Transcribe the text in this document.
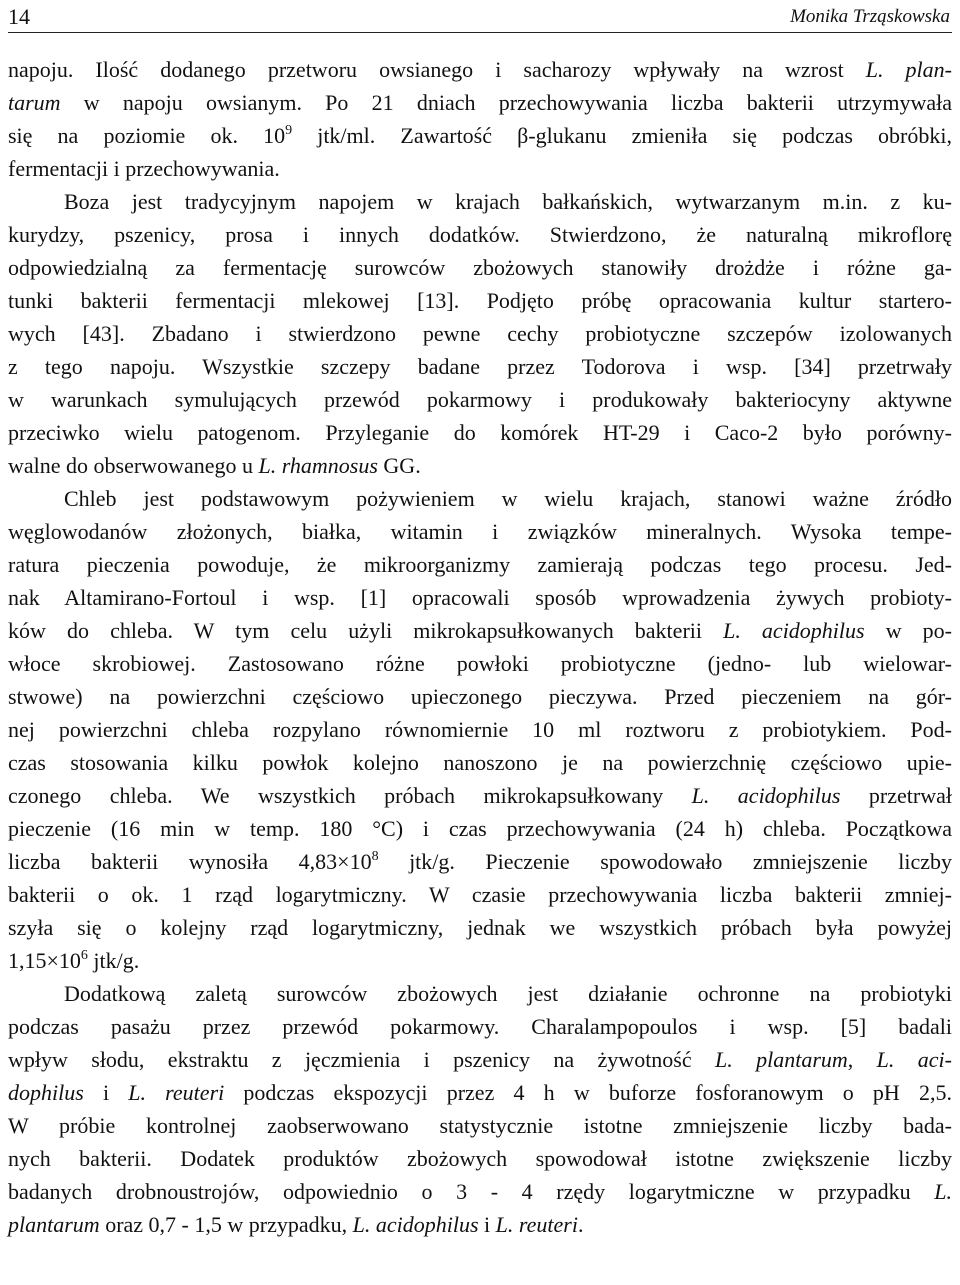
14	Monika Trząskowska
napoju. Ilość dodanego przetworu owsianego i sacharozy wpływały na wzrost L. plan-
tarum w napoju owsianym. Po 21 dniach przechowywania liczba bakterii utrzymywała
się na poziomie ok. $10^9$ jtk/ml. Zawartość β-glukanu zmieniła się podczas obróbki,
fermentacji i przechowywania.
Boza jest tradycyjnym napojem w krajach bałkańskich, wytwarzanym m.in. z ku-
kurydzy, pszenicy, prosa i innych dodatków. Stwierdzono, że naturalną mikroflorę
odpowiedzialną za fermentację surowców zbożowych stanowiły drożdże i różne ga-
tunki bakterii fermentacji mlekowej [13]. Podjęto próbę opracowania kultur startero-
wych [43]. Zbadano i stwierdzono pewne cechy probiotyczne szczepów izolowanych
z tego napoju. Wszystkie szczepy badane przez Todorova i wsp. [34] przetrwały
w warunkach symulujących przewód pokarmowy i produkowały bakteriocyny aktywne
przeciwko wielu patogenom. Przyleganie do komórek HT-29 i Caco-2 było porówny-
walne do obserwowanego u L. rhamnosus GG.
Chleb jest podstawowym pożywieniem w wielu krajach, stanowi ważne źródło
węglowodanów złożonych, białka, witamin i związków mineralnych. Wysoka tempe-
ratura pieczenia powoduje, że mikroorganizmy zamierają podczas tego procesu. Jed-
nak Altamirano-Fortoul i wsp. [1] opracowali sposób wprowadzenia żywych probioty-
ków do chleba. W tym celu użyli mikrokapsułkowanych bakterii L. acidophilus w po-
włoce skrobiowej. Zastosowano różne powłoki probiotyczne (jedno- lub wielowar-
stwowe) na powierzchni częściowo upieczonego pieczywa. Przed pieczeniem na gór-
nej powierzchni chleba rozpylano równomiernie 10 ml roztworu z probiotykiem. Pod-
czas stosowania kilku powłok kolejno nanoszono je na powierzchnię częściowo upie-
czonego chleba. We wszystkich próbach mikrokapsułkowany L. acidophilus przetrwał
pieczenie (16 min w temp. 180 °C) i czas przechowywania (24 h) chleba. Początkowa
liczba bakterii wynosiła $4,83\times 10^8$ jtk/g. Pieczenie spowodowało zmniejszenie liczby
bakterii o ok. 1 rząd logarytmiczny. W czasie przechowywania liczba bakterii zmniej-
szyła się o kolejny rząd logarytmiczny, jednak we wszystkich próbach była powyżej
$1,15\times 10^6$ jtk/g.
Dodatkową zaletą surowców zbożowych jest działanie ochronne na probiotyki
podczas pasażu przez przewód pokarmowy. Charalampopoulos i wsp. [5] badali
wpływ słodu, ekstraktu z jęczmienia i pszenicy na żywotność L. plantarum, L. aci-
dophilus i L. reuteri podczas ekspozycji przez 4 h w buforze fosforanowym o pH 2,5.
W próbie kontrolnej zaobserwowano statystycznie istotne zmniejszenie liczby bada-
nych bakterii. Dodatek produktów zbożowych spowodował istotne zwiększenie liczby
badanych drobnoustrojów, odpowiednio o 3 - 4 rzędy logarytmiczne w przypadku L.
plantarum oraz 0,7 - 1,5 w przypadku, L. acidophilus i L. reuteri.
